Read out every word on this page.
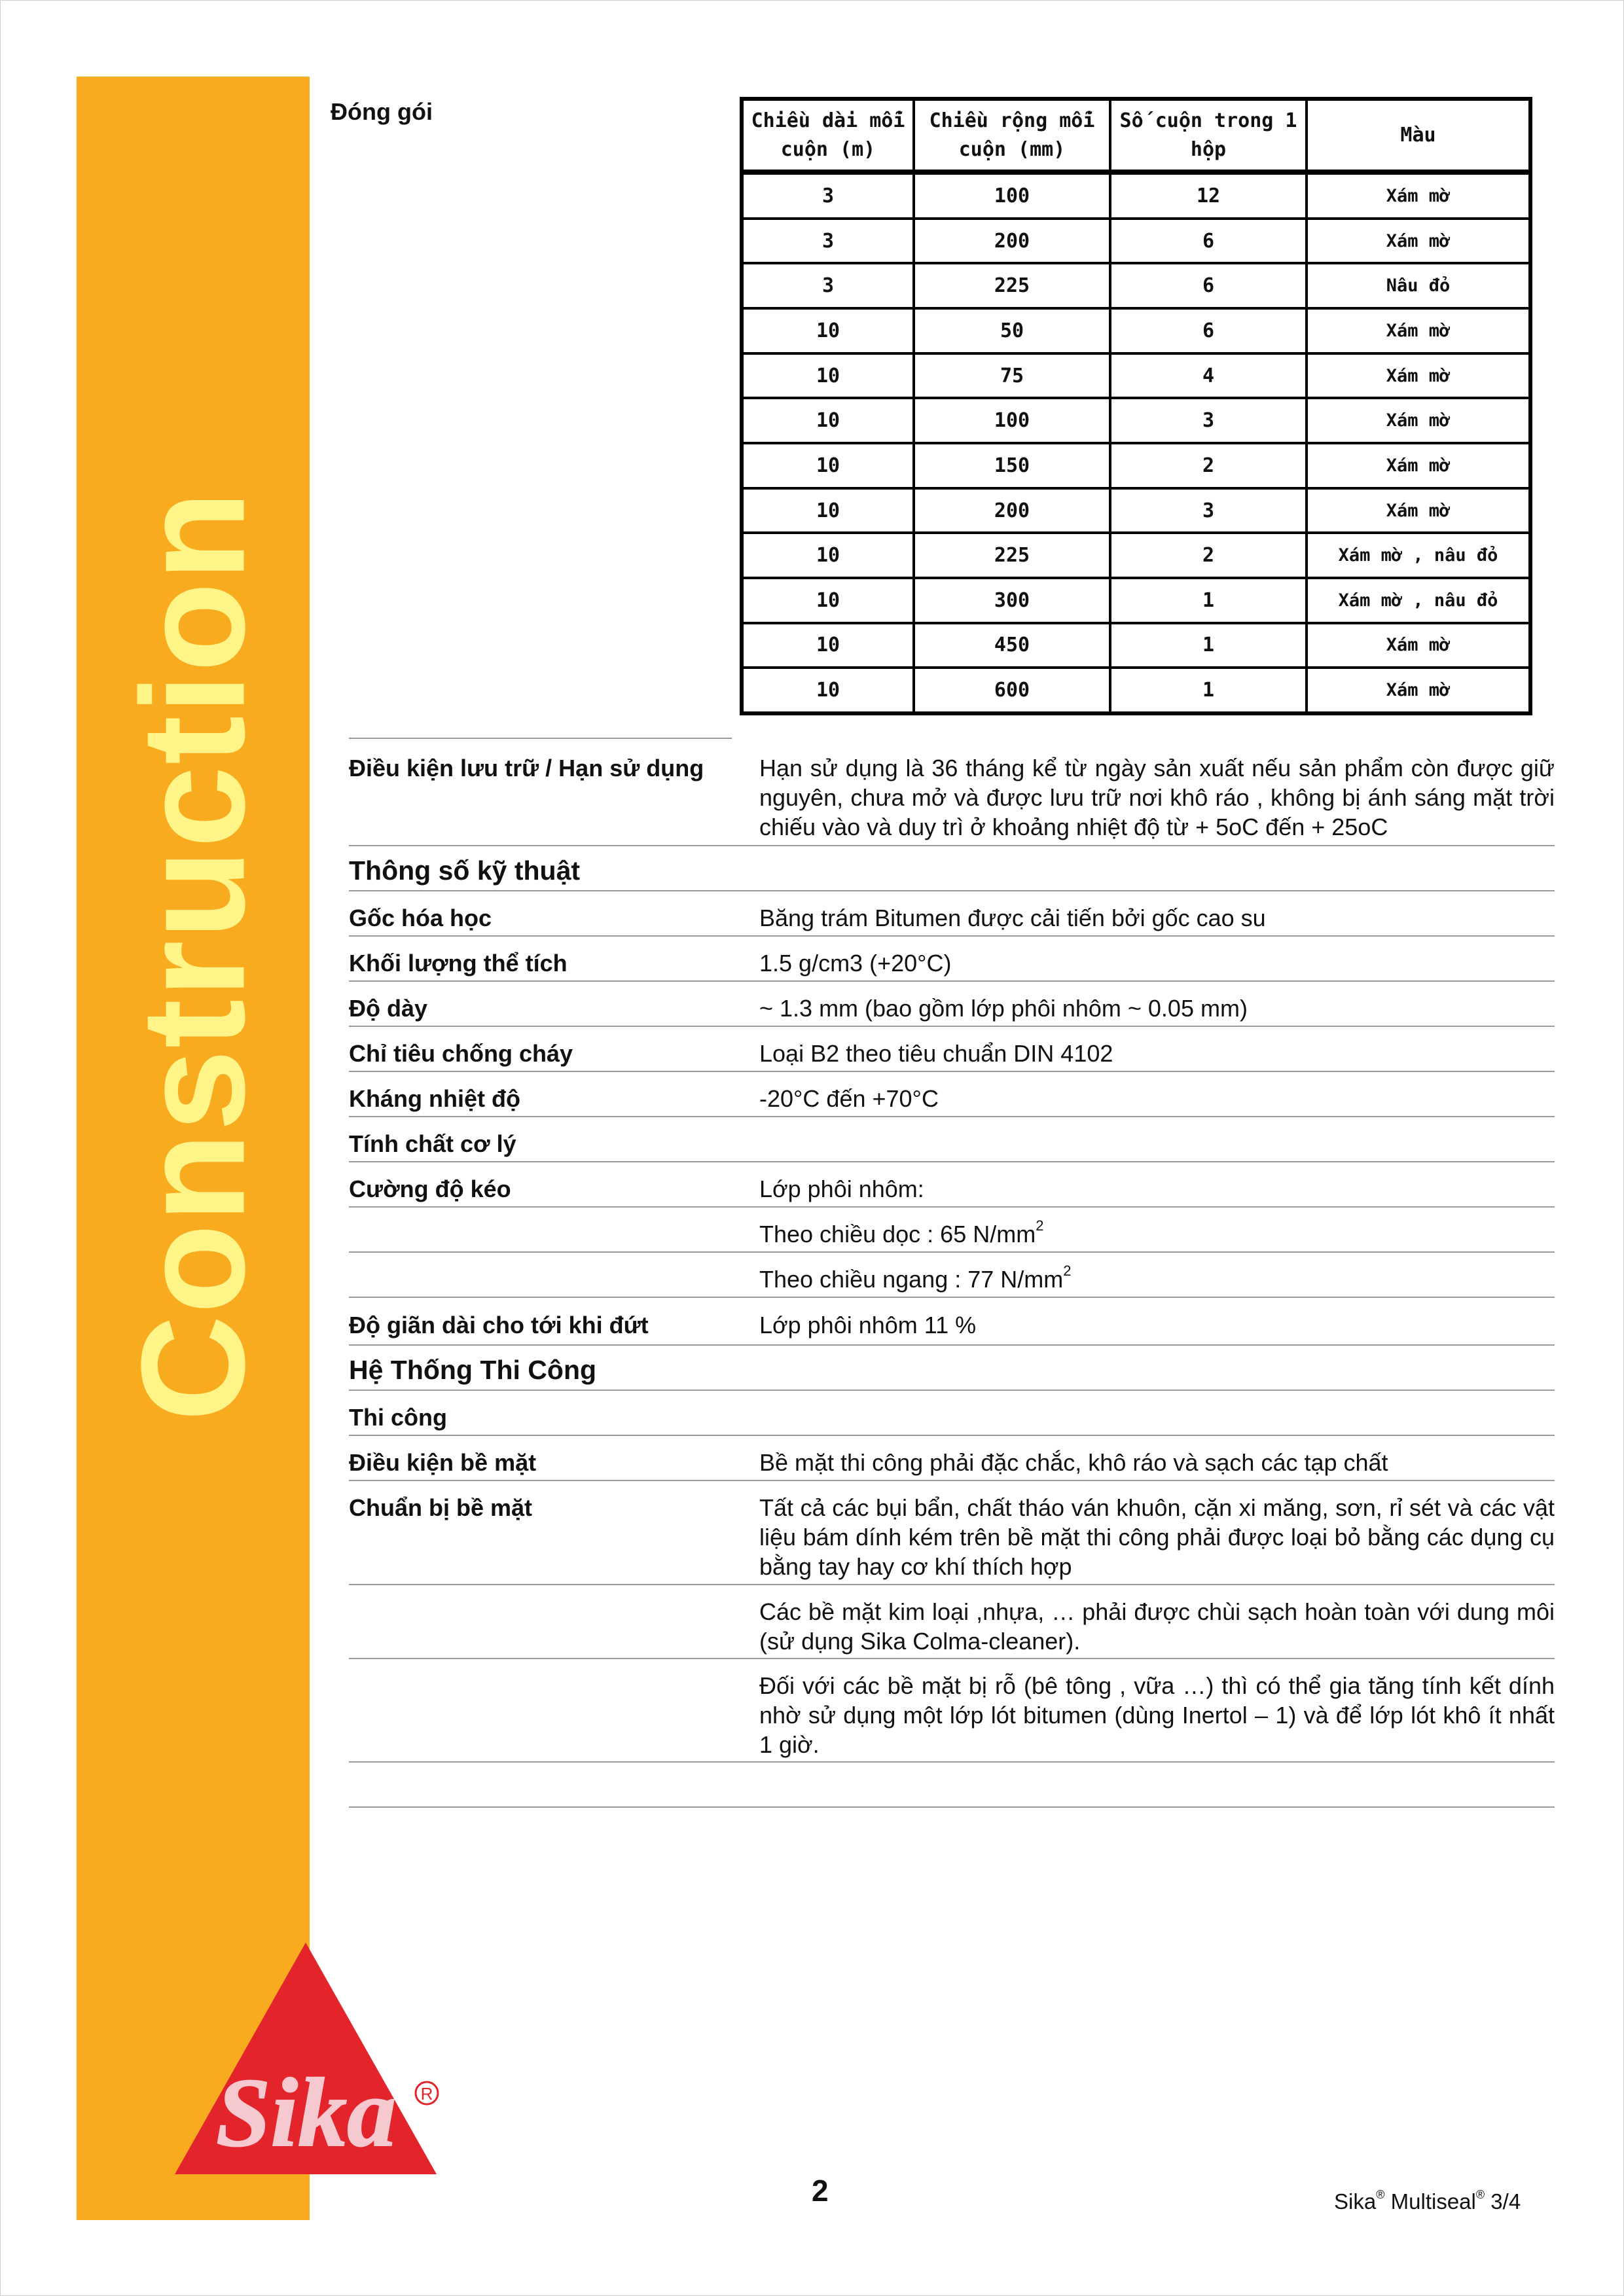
Construction
Sika R
Đóng gói	Chiều dài mỗi cuộn (m)	Chiều rộng mỗi cuộn (mm)	Số cuộn trong 1 hộp	Màu
3	100	12	Xám mờ
3	200	6	Xám mờ
3	225	6	Nâu đỏ
10	50	6	Xám mờ
10	75	4	Xám mờ
10	100	3	Xám mờ
10	150	2	Xám mờ
10	200	3	Xám mờ
10	225	2	Xám mờ , nâu đỏ
10	300	1	Xám mờ , nâu đỏ
10	450	1	Xám mờ
10	600	1	Xám mờ
Điều kiện lưu trữ / Hạn sử dụng	Hạn sử dụng là 36 tháng kể từ ngày sản xuất nếu sản phẩm còn được giữ nguyên, chưa mở và được lưu trữ nơi khô ráo , không bị ánh sáng mặt trời chiếu vào và duy trì ở khoảng nhiệt độ từ + 5oC đến + 25oC
Thông số kỹ thuật
Gốc hóa học	Băng trám Bitumen được cải tiến bởi gốc cao su
Khối lượng thể tích	1.5 g/cm3 (+20°C)
Độ dày	~ 1.3 mm (bao gồm lớp phôi nhôm ~ 0.05 mm)
Chỉ tiêu chống cháy	Loại B2 theo tiêu chuẩn DIN 4102
Kháng nhiệt độ	-20°C đến +70°C
Tính chất cơ lý
Cường độ kéo	Lớp phôi nhôm:
Theo chiều dọc : 65 $N/mm^2$
Theo chiều ngang : 77 $N/mm^2$
Độ giãn dài cho tới khi đứt	Lớp phôi nhôm 11 %
Hệ Thống Thi Công
Thi công
Điều kiện bề mặt	Bề mặt thi công phải đặc chắc, khô ráo và sạch các tạp chất
Chuẩn bị bề mặt	Tất cả các bụi bẩn, chất tháo ván khuôn, cặn xi măng, sơn, rỉ sét và các vật liệu bám dính kém trên bề mặt thi công phải được loại bỏ bằng các dụng cụ bằng tay hay cơ khí thích hợp
Các bề mặt kim loại ,nhựa, … phải được chùi sạch hoàn toàn với dung môi (sử dụng Sika Colma-cleaner).
Đối với các bề mặt bị rỗ (bê tông , vữa …) thì có thể gia tăng tính kết dính nhờ sử dụng một lớp lót bitumen (dùng Inertol – 1) và để lớp lót khô ít nhất 1 giờ.
2	Sika® Multiseal® 3/4
